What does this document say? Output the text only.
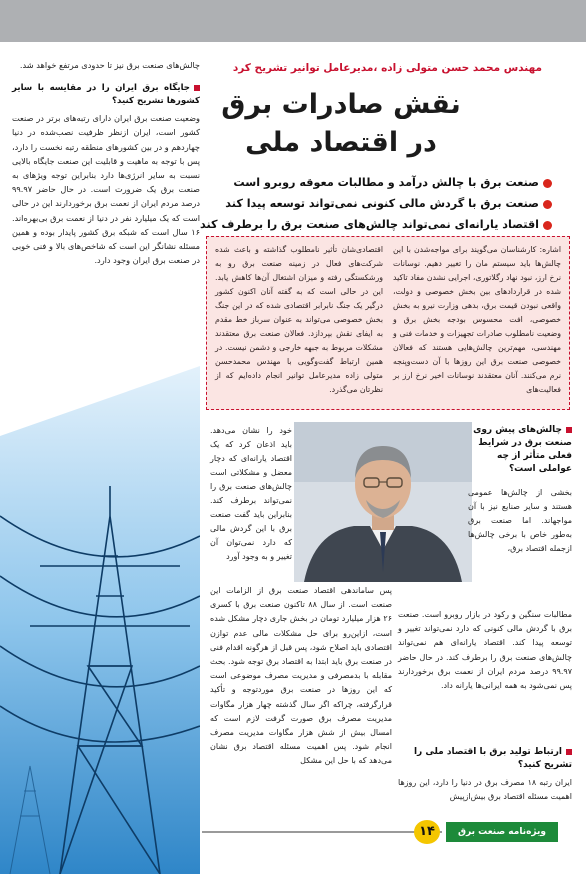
چالش‌های صنعت برق نیز تا حدودی مرتفع خواهد شد.

جایگاه برق ایران را در مقایسه با سایر کشورها تشریح کنید؟

وضعیت صنعت برق ایران دارای رتبه‌های برتر در صنعت کشور است، ایران ازنظر ظرفیت نصب‌شده در دنیا چهاردهم و در بین کشورهای منطقه رتبه نخست را دارد، پس با توجه به ماهیت و قابلیت این صنعت جایگاه بالایی نسبت به سایر انرژی‌ها دارد بنابراین توجه ویژهای به صنعت برق یک ضرورت است. در حال حاضر ۹۹.۹۷ درصد مردم ایران از نعمت برق برخوردارند این در حالی است که یک میلیارد نفر در دنیا از نعمت برق بی‌بهره‌اند. ۱۶ سال است که شبکه برق کشور پایدار بوده و همین مسئله نشانگر این است که شاخص‌های بالا و فنی خوبی در صنعت برق ایران وجود دارد.

مهندس محمد حسن متولی زاده ،مدیرعامل توانیر تشریح کرد
نقش صادرات برق
در اقتصاد ملی
صنعت برق با چالش درآمد و مطالبات معوقه روبرو است
صنعت برق با گردش مالی کنونی نمی‌تواند توسعه پیدا کند
اقتصاد یارانه‌ای نمی‌تواند چالش‌های صنعت برق را برطرف کند
اشاره: کارشناسان می‌گویند برای مواجه‌شدن با این چالش‌ها باید سیستم مان را تغییر دهیم. نوسانات نرخ ارز، نبود نهاد رگلاتوری، اجرایی نشدن مفاد تاکید شده در قراردادهای بین بخش خصوصی و دولت، واقعی نبودن قیمت برق، بدهی وزارت نیرو به بخش خصوصی، افت محسوس بودجه بخش برق و وضعیت نامطلوب صادرات تجهیزات و خدمات فنی و مهندسی، مهم‌ترین چالش‌هایی هستند که فعالان خصوصی صنعت برق این روزها با آن دست‌وپنجه نرم می‌کنند. آنان معتقدند نوسانات اخیر نرخ ارز بر فعالیت‌های
اقتصادی‌شان تأثیر نامطلوب گذاشته و باعث شده شرکت‌های فعال در زمینه صنعت برق رو به ورشکستگی رفته و میزان اشتغال آن‌ها کاهش یابد. این در حالی است که به گفته آنان اکنون کشور درگیر یک جنگ نابرابر اقتصادی شده که در این جنگ بخش خصوصی می‌تواند به عنوان سرباز خط مقدم به ایفای نقش بپردازد. فعالان صنعت برق معتقدند مشکلات مربوط به جبهه خارجی و دشمن نیست. در همین ارتباط گفت‌وگویی با مهندس محمدحسن متولی زاده مدیرعامل توانیر انجام داده‌ایم که از نظرتان می‌گذرد.
چالش‌های پیش روی صنعت برق در شرایط فعلی متأثر از چه عواملی است؟
بخشی از چالش‌ها عمومی هستند و سایر صنایع نیز با آن مواجهاند. اما صنعت برق به‌طور خاص با برخی چالش‌ها ازجمله اقتصاد برق،
مطالبات سنگین و رکود در بازار روبرو است. صنعت برق با گردش مالی کنونی که دارد نمی‌تواند تغییر و توسعه پیدا کند. اقتصاد یارانه‌ای هم نمی‌تواند چالش‌های صنعت برق را برطرف کند. در حال حاضر ۹۹.۹۷ درصد مردم ایران از نعمت برق برخوردارند پس نمی‌شود به همه ایرانی‌ها یارانه داد.
ارتباط تولید برق با اقتصاد ملی را تشریح کنید؟
ایران رتبه ۱۸ مصرف برق در دنیا را دارد، این روزها اهمیت مسئله اقتصاد برق بیش‌ازپیش
خود را نشان می‌دهد. باید اذعان کرد که یک اقتصاد یارانه‌ای که دچار معضل و مشکلاتی است چالش‌های صنعت برق را نمی‌تواند برطرف کند. بنابراین باید گفت صنعت برق با این گردش مالی که دارد نمی‌توان آن تغییر و به وجود آورد
پس ساماندهی اقتصاد صنعت برق از الزامات این صنعت است. از سال ۸۸ تاکنون صنعت برق با کسری ۲۶ هزار میلیارد تومان در بخش جاری دچار مشکل شده است، ازاین‌رو برای حل مشکلات مالی عدم توازن اقتصادی باید اصلاح شود، پس قبل از هرگونه اقدام فنی در صنعت برق باید ابتدا به اقتصاد برق توجه شود. بحث مقابله با بدمصرفی و مدیریت مصرف موضوعی است که این روزها در صنعت برق موردتوجه و تأکید قرارگرفته، چراکه اگر سال گذشته چهار هزار مگاوات مدیریت مصرف برق صورت گرفت لازم است که امسال بیش از شش هزار مگاوات مدیریت مصرف انجام شود. پس اهمیت مسئله اقتصاد برق نشان می‌دهد که با حل این مشکل
۱۴	ویژه‌نامه صنعت برق
